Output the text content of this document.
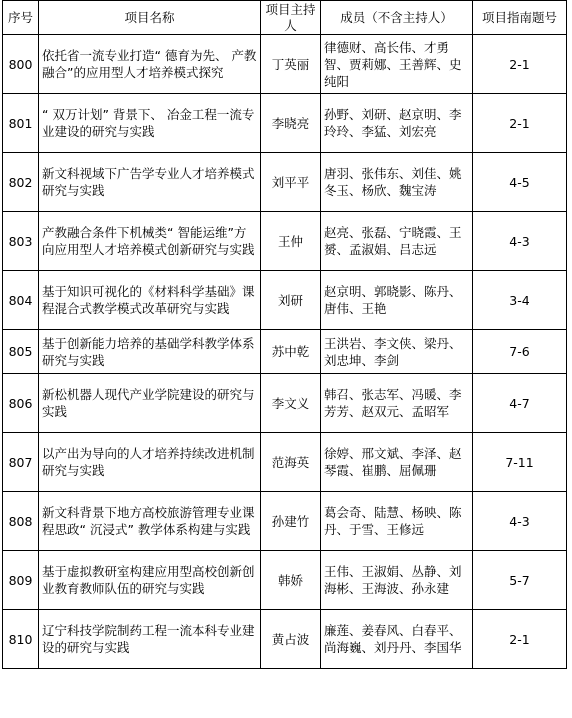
序号	项目名称	项目主持人	成员（不含主持人）	项目指南题号
800	依托省一流专业打造“ 德育为先、 产教融合”的应用型人才培养模式探究	丁英丽	律德财、高长伟、才勇智、贾莉娜、王善辉、史纯阳	2-1
801	“ 双万计划” 背景下、 冶金工程一流专业建设的研究与实践	李晓亮	孙野、刘研、赵京明、李玲玲、李猛、刘宏亮	2-1
802	新文科视域下广告学专业人才培养模式研究与实践	刘平平	唐羽、张伟东、刘佳、姚冬玉、杨欣、魏宝涛	4-5
803	产教融合条件下机械类“ 智能运维”方向应用型人才培养模式创新研究与实践	王仲	赵亮、张磊、宁晓霞、王赟、孟淑娟、吕志远	4-3
804	基于知识可视化的《材料科学基础》课程混合式教学模式改革研究与实践	刘研	赵京明、郭晓影、陈丹、唐伟、王艳	3-4
805	基于创新能力培养的基础学科教学体系研究与实践	苏中乾	王洪岩、李文侠、梁丹、刘忠坤、李剑	7-6
806	新松机器人现代产业学院建设的研究与实践	李文义	韩召、张志军、冯暖、李芳芳、赵双元、孟昭军	4-7
807	以产出为导向的人才培养持续改进机制研究与实践	范海英	徐婷、邢文斌、李泽、赵琴霞、崔鹏、屈佩珊	7-11
808	新文科背景下地方高校旅游管理专业课程思政“ 沉浸式” 教学体系构建与实践	孙建竹	葛会奇、陆慧、杨映、陈丹、于雪、王修远	4-3
809	基于虚拟教研室构建应用型高校创新创业教育教师队伍的研究与实践	韩娇	王伟、王淑娟、丛静、刘海彬、王海波、孙永建	5-7
810	辽宁科技学院制药工程一流本科专业建设的研究与实践	黄占波	廉莲、姜春风、白春平、尚海巍、刘丹丹、李国华	2-1
